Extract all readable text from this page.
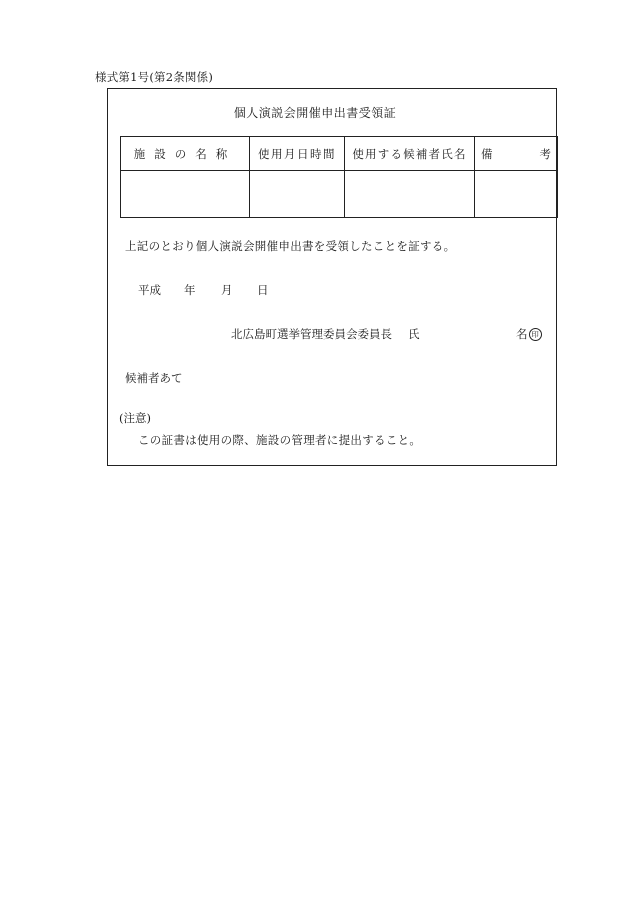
様式第1号(第2条関係)
個人演説会開催申出書受領証
施設の名称	使用月日時間	使用する候補者氏名	備考

上記のとおり個人演説会開催申出書を受領したことを証する。
平成 年 月 日
北広島町選挙管理委員会委員長 氏	名 印
候補者あて
(注意)
この証書は使用の際、施設の管理者に提出すること。
